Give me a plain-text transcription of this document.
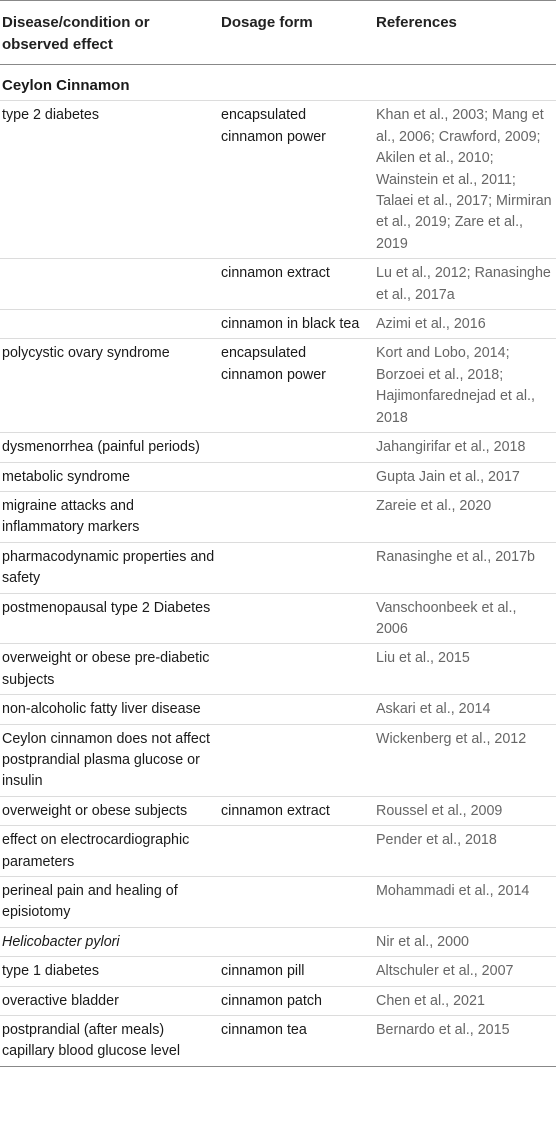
Disease/condition or observed effect	Dosage form	References
Ceylon Cinnamon		
type 2 diabetes	encapsulated cinnamon power	Khan et al., 2003; Mang et al., 2006; Crawford, 2009; Akilen et al., 2010; Wainstein et al., 2011; Talaei et al., 2017; Mirmiran et al., 2019; Zare et al., 2019
	cinnamon extract	Lu et al., 2012; Ranasinghe et al., 2017a
	cinnamon in black tea	Azimi et al., 2016
polycystic ovary syndrome	encapsulated cinnamon power	Kort and Lobo, 2014; Borzoei et al., 2018; Hajimonfarednejad et al., 2018
dysmenorrhea (painful periods)		Jahangirifar et al., 2018
metabolic syndrome		Gupta Jain et al., 2017
migraine attacks and inflammatory markers		Zareie et al., 2020
pharmacodynamic properties and safety		Ranasinghe et al., 2017b
postmenopausal type 2 Diabetes		Vanschoonbeek et al., 2006
overweight or obese pre-diabetic subjects		Liu et al., 2015
non-alcoholic fatty liver disease		Askari et al., 2014
Ceylon cinnamon does not affect postprandial plasma glucose or insulin		Wickenberg et al., 2012
overweight or obese subjects	cinnamon extract	Roussel et al., 2009
effect on electrocardiographic parameters		Pender et al., 2018
perineal pain and healing of episiotomy		Mohammadi et al., 2014
Helicobacter pylori		Nir et al., 2000
type 1 diabetes	cinnamon pill	Altschuler et al., 2007
overactive bladder	cinnamon patch	Chen et al., 2021
postprandial (after meals) capillary blood glucose level	cinnamon tea	Bernardo et al., 2015
